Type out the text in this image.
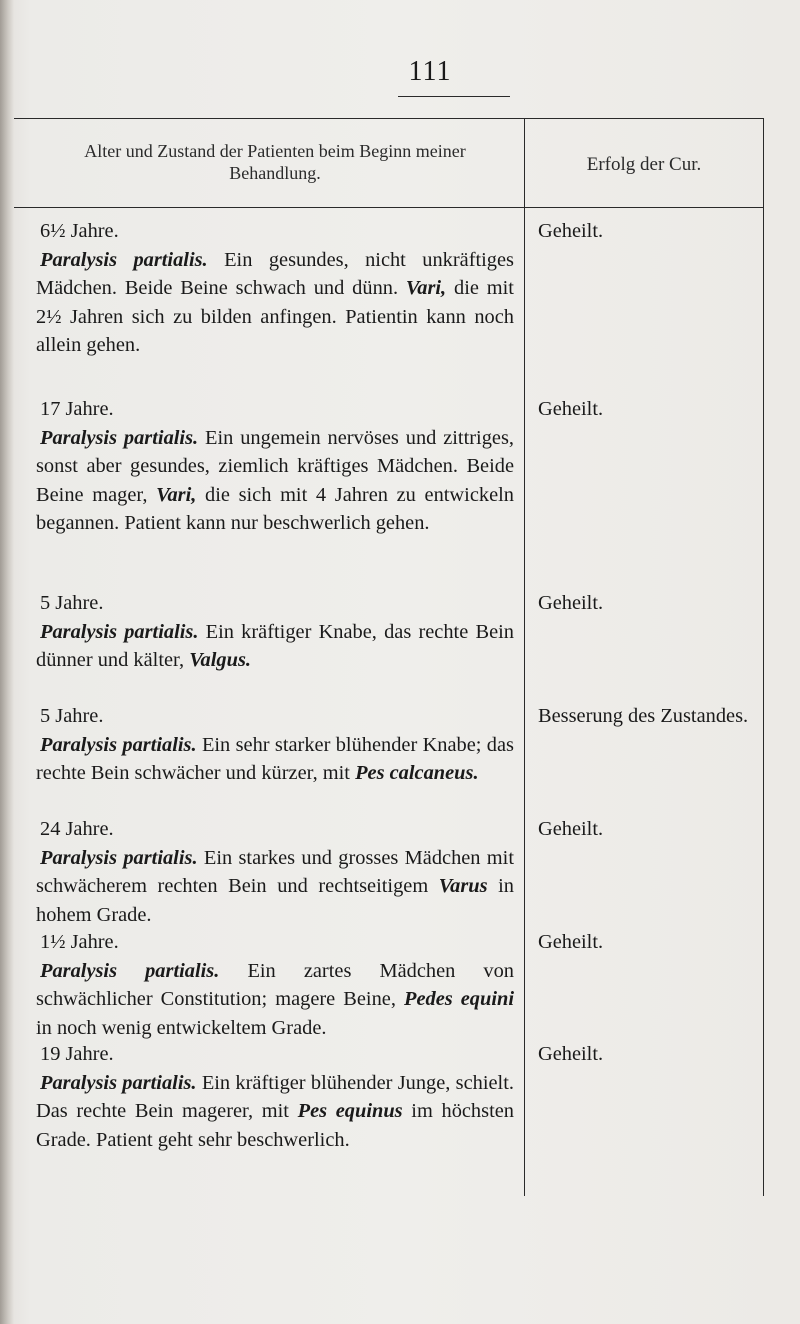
111
Alter und Zustand der Patienten beim Beginn meiner Behandlung.	Erfolg der Cur.
6½ Jahre.

Paralysis partialis. Ein gesundes, nicht unkräftiges Mädchen. Beide Beine schwach und dünn. Vari, die mit 2½ Jahren sich zu bilden anfingen. Patientin kann noch allein gehen.

Geheilt.
17 Jahre.

Paralysis partialis. Ein ungemein nervöses und zittriges, sonst aber gesundes, ziemlich kräftiges Mädchen. Beide Beine mager, Vari, die sich mit 4 Jahren zu entwickeln begannen. Patient kann nur beschwerlich gehen.

Geheilt.
5 Jahre.

Paralysis partialis. Ein kräftiger Knabe, das rechte Bein dünner und kälter, Valgus.

Geheilt.
5 Jahre.

Paralysis partialis. Ein sehr starker blühender Knabe; das rechte Bein schwächer und kürzer, mit Pes calcaneus.

Besserung des Zustandes.
24 Jahre.

Paralysis partialis. Ein starkes und grosses Mädchen mit schwächerem rechten Bein und rechtseitigem Varus in hohem Grade.

Geheilt.
1½ Jahre.

Paralysis partialis. Ein zartes Mädchen von schwächlicher Constitution; magere Beine, Pedes equini in noch wenig entwickeltem Grade.

Geheilt.
19 Jahre.

Paralysis partialis. Ein kräftiger blühender Junge, schielt. Das rechte Bein magerer, mit Pes equinus im höchsten Grade. Patient geht sehr beschwerlich.

Geheilt.
